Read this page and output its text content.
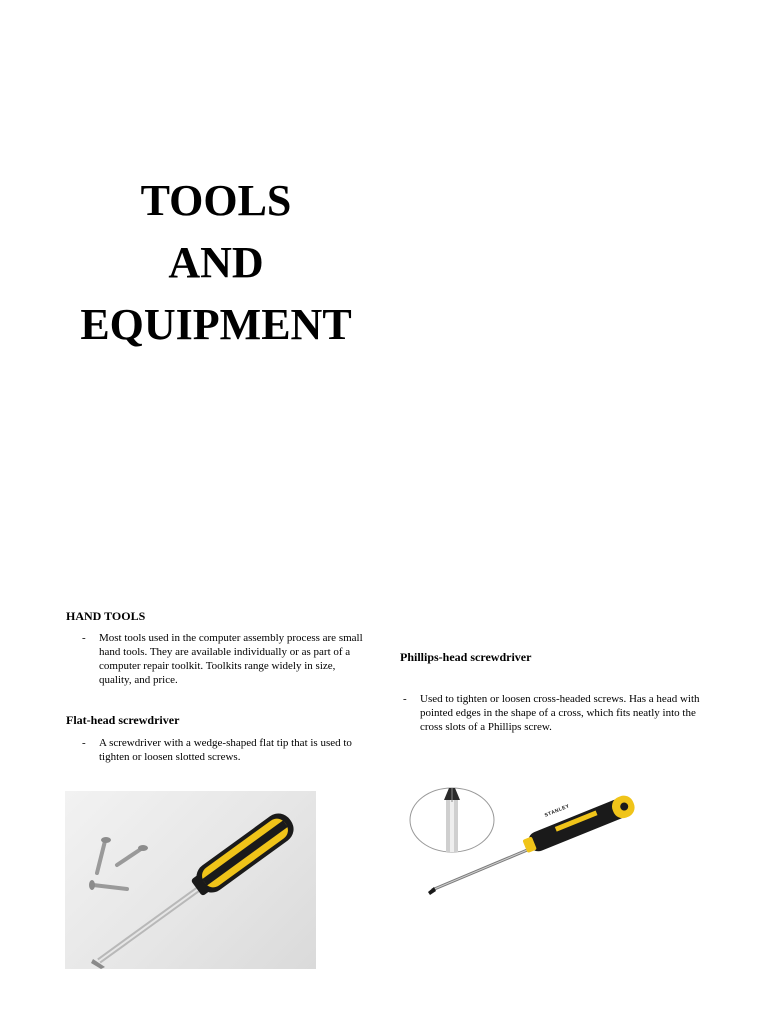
TOOLS
AND
EQUIPMENT
HAND TOOLS
- Most tools used in the computer assembly process are small
hand tools. They are available individually or as part of a
computer repair toolkit. Toolkits range widely in size,
quality, and price.
Flat-head screwdriver
- A screwdriver with a wedge-shaped flat tip that is used to
tighten or loosen slotted screws.
Phillips-head screwdriver
- Used to tighten or loosen cross-headed screws. Has a head with
pointed edges in the shape of a cross, which fits neatly into the
cross slots of a Phillips screw.
STANLEY
